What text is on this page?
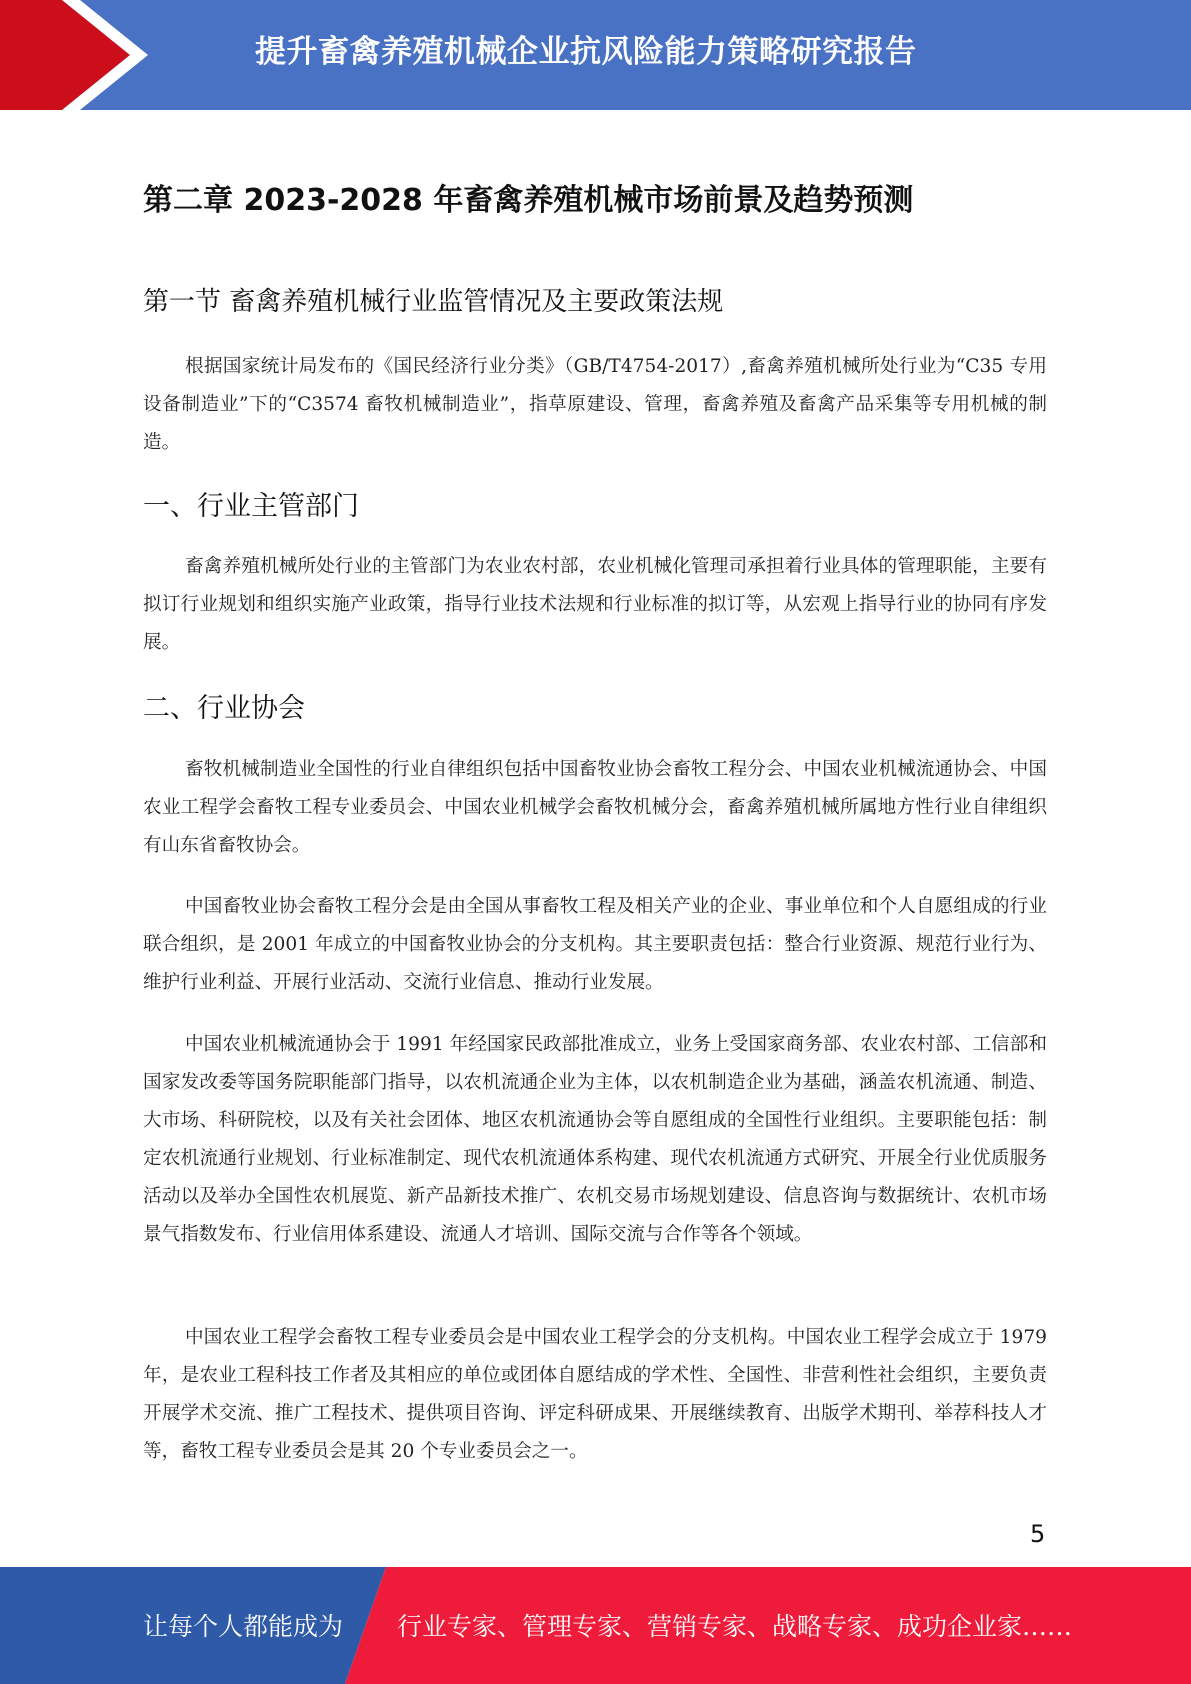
提升畜禽养殖机械企业抗风险能力策略研究报告
第二章 2023-2028 年畜禽养殖机械市场前景及趋势预测
第一节 畜禽养殖机械行业监管情况及主要政策法规

根据国家统计局发布的《国民经济行业分类》（GB/T4754-2017）,畜禽养殖机械所处行业为“C35 专用设备制造业”下的“C3574 畜牧机械制造业”，指草原建设、管理，畜禽养殖及畜禽产品采集等专用机械的制造。

一、行业主管部门

畜禽养殖机械所处行业的主管部门为农业农村部，农业机械化管理司承担着行业具体的管理职能，主要有拟订行业规划和组织实施产业政策，指导行业技术法规和行业标准的拟订等，从宏观上指导行业的协同有序发展。

二、行业协会

畜牧机械制造业全国性的行业自律组织包括中国畜牧业协会畜牧工程分会、中国农业机械流通协会、中国农业工程学会畜牧工程专业委员会、中国农业机械学会畜牧机械分会，畜禽养殖机械所属地方性行业自律组织有山东省畜牧协会。

中国畜牧业协会畜牧工程分会是由全国从事畜牧工程及相关产业的企业、事业单位和个人自愿组成的行业联合组织，是 2001 年成立的中国畜牧业协会的分支机构。其主要职责包括：整合行业资源、规范行业行为、维护行业利益、开展行业活动、交流行业信息、推动行业发展。

中国农业机械流通协会于 1991 年经国家民政部批准成立，业务上受国家商务部、农业农村部、工信部和国家发改委等国务院职能部门指导，以农机流通企业为主体，以农机制造企业为基础，涵盖农机流通、制造、大市场、科研院校，以及有关社会团体、地区农机流通协会等自愿组成的全国性行业组织。主要职能包括：制定农机流通行业规划、行业标准制定、现代农机流通体系构建、现代农机流通方式研究、开展全行业优质服务活动以及举办全国性农机展览、新产品新技术推广、农机交易市场规划建设、信息咨询与数据统计、农机市场景气指数发布、行业信用体系建设、流通人才培训、国际交流与合作等各个领域。

中国农业工程学会畜牧工程专业委员会是中国农业工程学会的分支机构。中国农业工程学会成立于 1979 年，是农业工程科技工作者及其相应的单位或团体自愿结成的学术性、全国性、非营利性社会组织，主要负责开展学术交流、推广工程技术、提供项目咨询、评定科研成果、开展继续教育、出版学术期刊、举荐科技人才等，畜牧工程专业委员会是其 20 个专业委员会之一。

5
让每个人都能成为 行业专家、管理专家、营销专家、战略专家、成功企业家……
